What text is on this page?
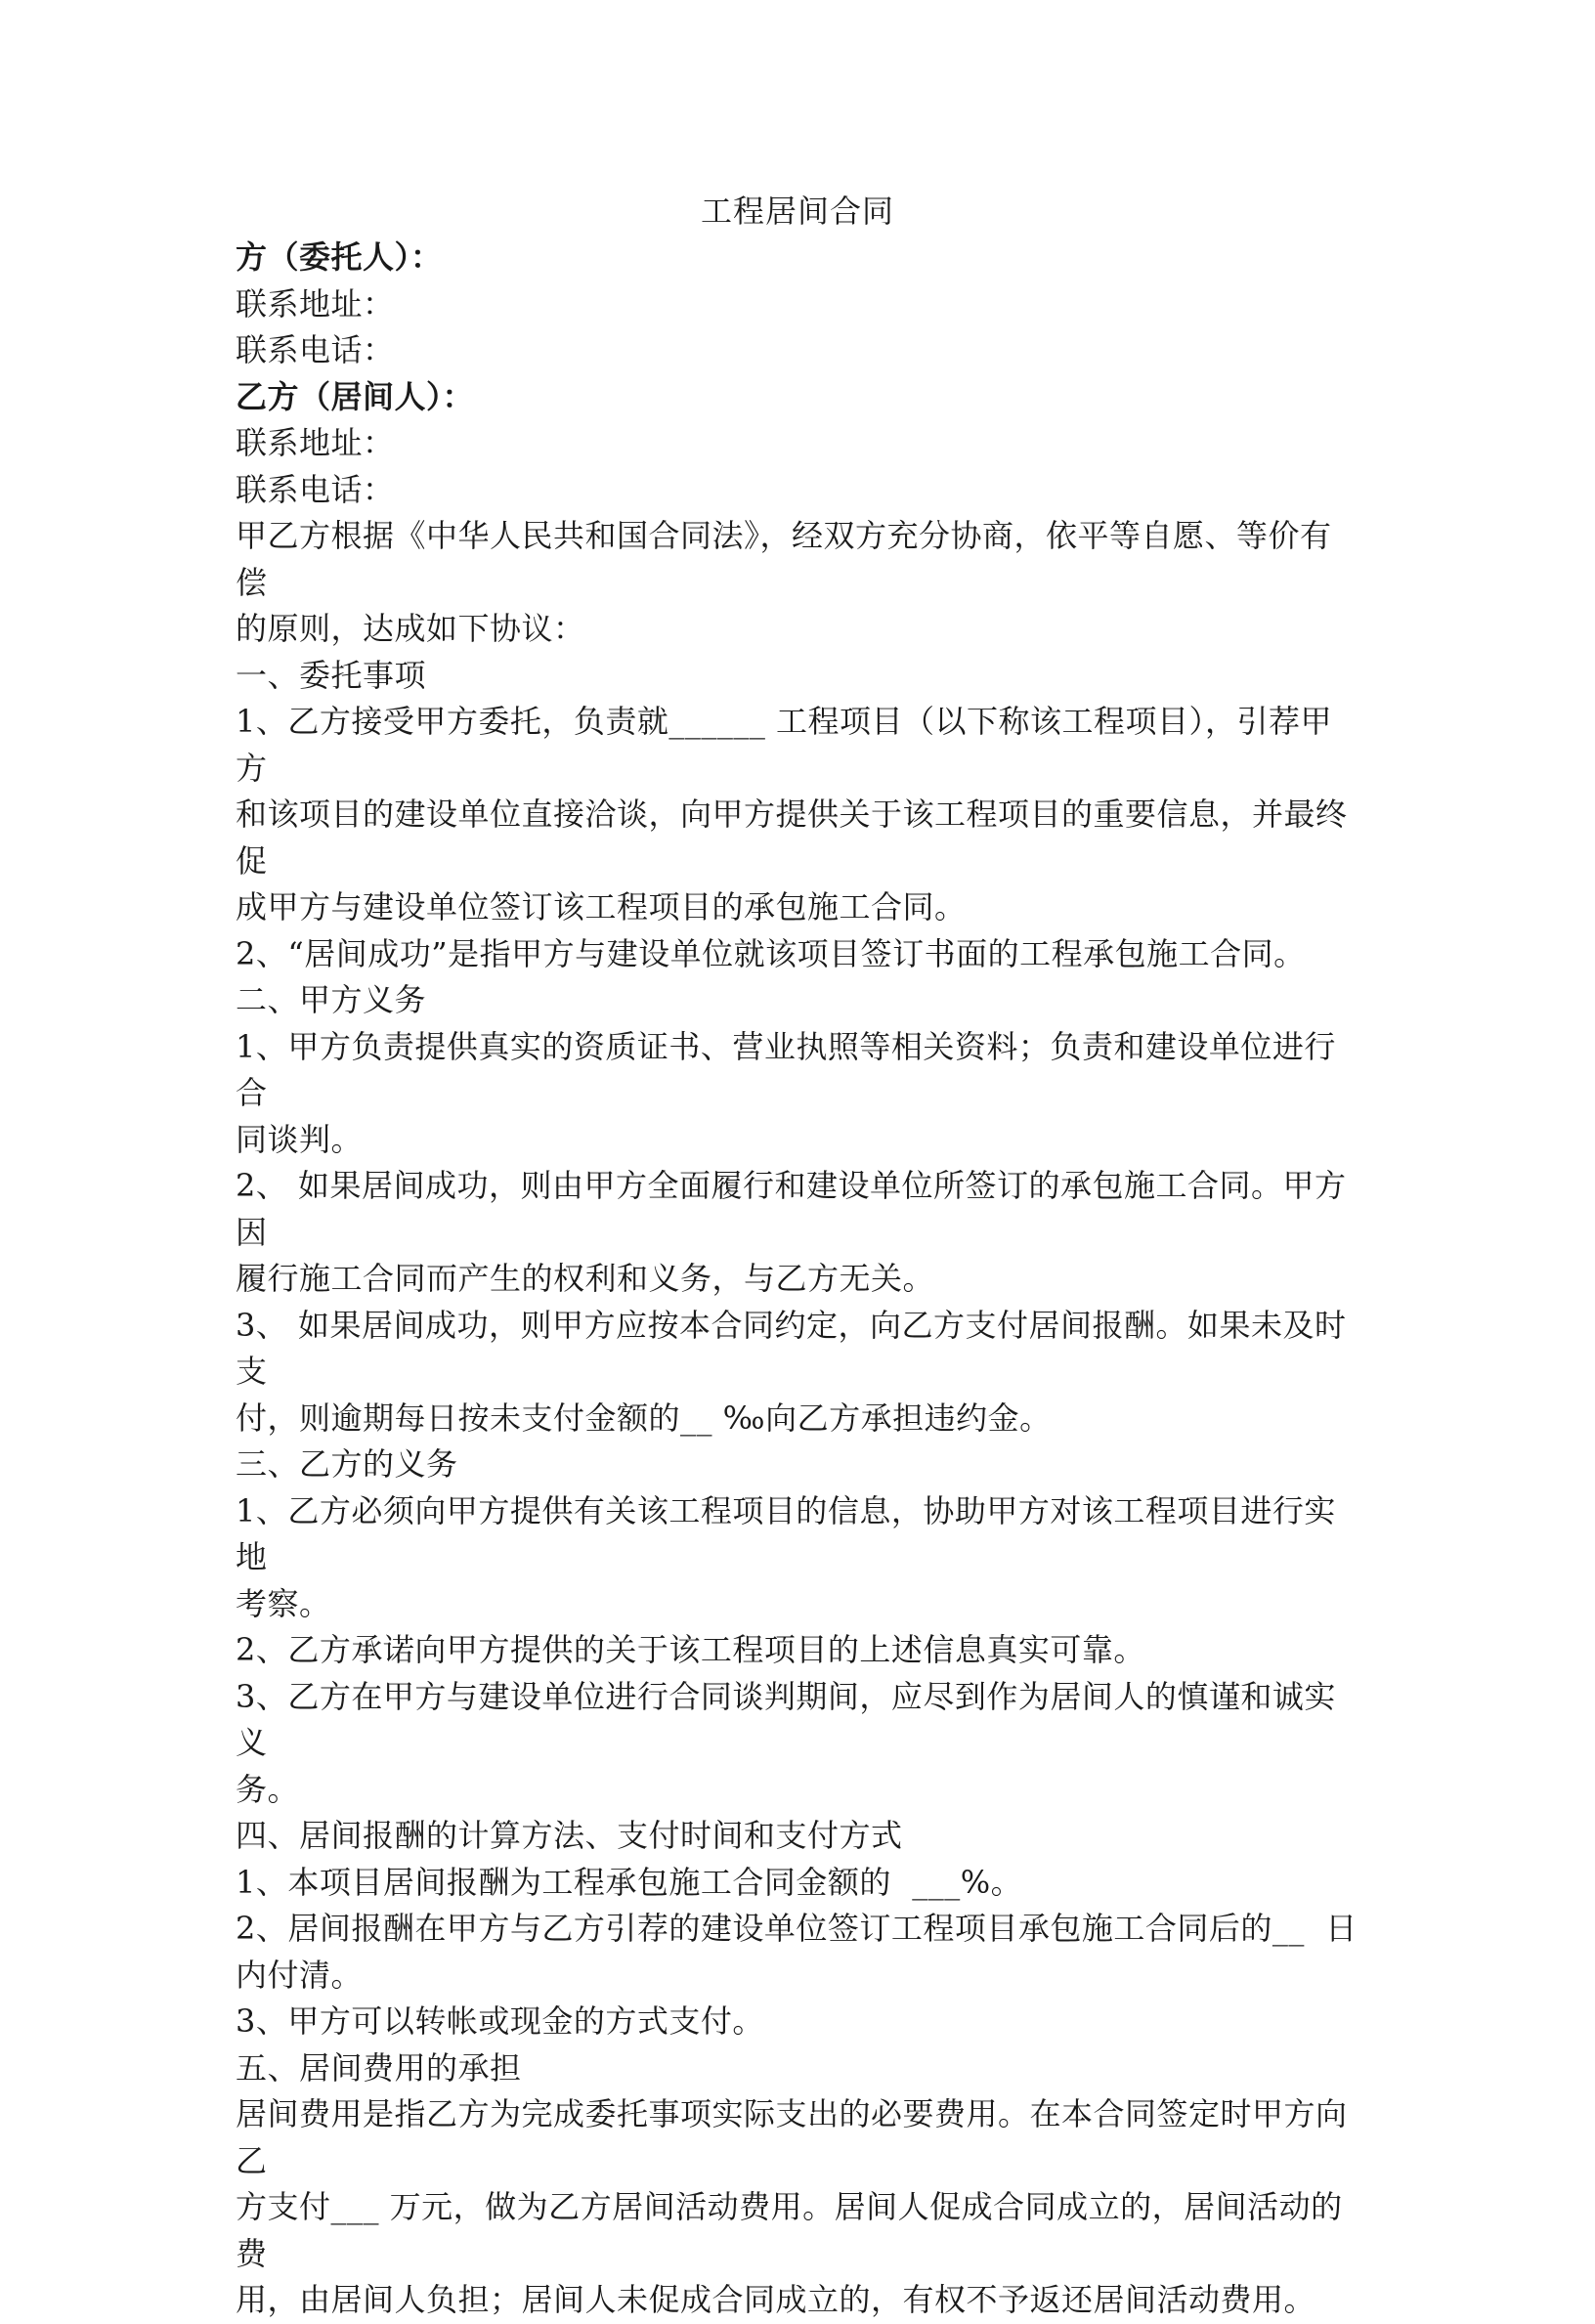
工程居间合同
方（委托人）：
联系地址：
联系电话：
乙方（居间人）：
联系地址：
联系电话：
甲乙方根据《中华人民共和国合同法》，经双方充分协商，依平等自愿、等价有偿
的原则，达成如下协议：
一、委托事项
1、乙方接受甲方委托，负责就______ 工程项目（以下称该工程项目），引荐甲方
和该项目的建设单位直接洽谈，向甲方提供关于该工程项目的重要信息，并最终促
成甲方与建设单位签订该工程项目的承包施工合同。
2、“居间成功”是指甲方与建设单位就该项目签订书面的工程承包施工合同。
二、甲方义务
1、甲方负责提供真实的资质证书、营业执照等相关资料；负责和建设单位进行合
同谈判。
2、 如果居间成功，则由甲方全面履行和建设单位所签订的承包施工合同。甲方因
履行施工合同而产生的权利和义务，与乙方无关。
3、 如果居间成功，则甲方应按本合同约定，向乙方支付居间报酬。如果未及时支
付，则逾期每日按未支付金额的__ ‰向乙方承担违约金。
三、乙方的义务
1、乙方必须向甲方提供有关该工程项目的信息，协助甲方对该工程项目进行实地
考察。
2、乙方承诺向甲方提供的关于该工程项目的上述信息真实可靠。
3、乙方在甲方与建设单位进行合同谈判期间，应尽到作为居间人的慎谨和诚实义
务。
四、居间报酬的计算方法、支付时间和支付方式
1、本项目居间报酬为工程承包施工合同金额的  ___%。
2、居间报酬在甲方与乙方引荐的建设单位签订工程项目承包施工合同后的__  日
内付清。
3、甲方可以转帐或现金的方式支付。
五、居间费用的承担
居间费用是指乙方为完成委托事项实际支出的必要费用。在本合同签定时甲方向乙
方支付___ 万元，做为乙方居间活动费用。居间人促成合同成立的，居间活动的费
用，由居间人负担；居间人未促成合同成立的，有权不予返还居间活动费用。
